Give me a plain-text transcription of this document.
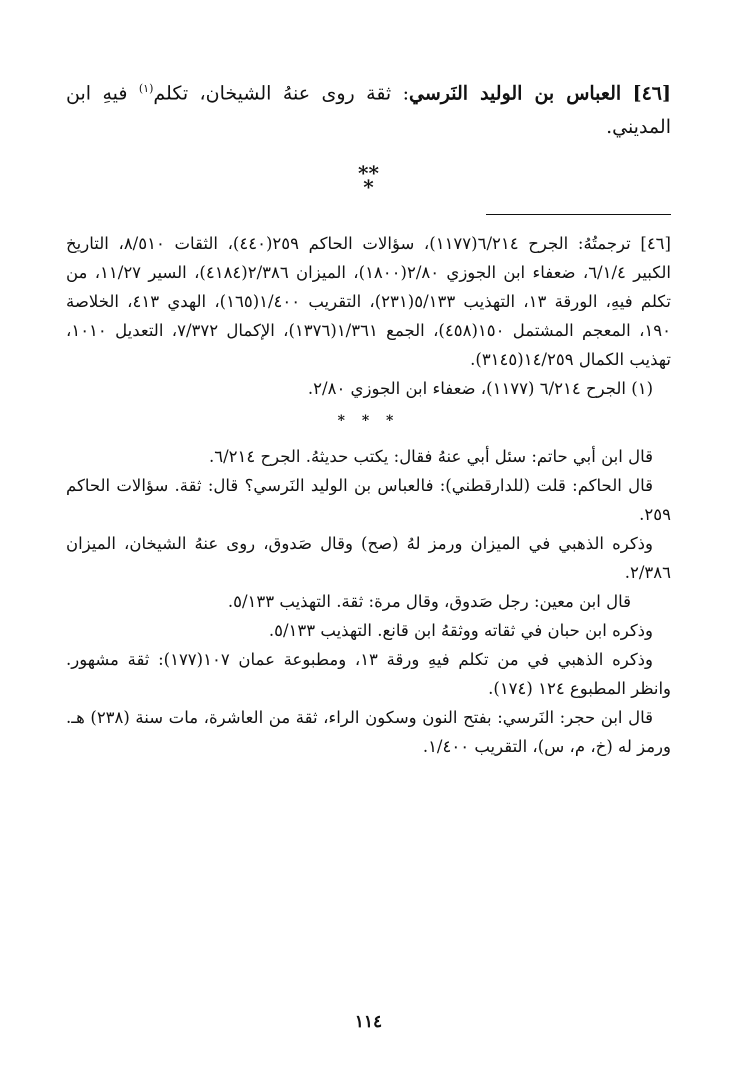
[٤٦] العباس بن الوليد النَرسي: ثقة روى عنهُ الشيخان، تكلم$^{(١)}$ فيهِ ابن المديني.

***

[٤٦] ترجمتُهُ: الجرح ٦/٢١٤(١١٧٧)، سؤالات الحاكم ٢٥٩(٤٤٠)، الثقات ٨/٥١٠، التاريخ الكبير ٦/١/٤، ضعفاء ابن الجوزي ٢/٨٠(١٨٠٠)، الميزان ٢/٣٨٦(٤١٨٤)، السير ١١/٢٧، من تكلم فيهِ، الورقة ١٣، التهذيب ٥/١٣٣(٢٣١)، التقريب ١/٤٠٠(١٦٥)، الهدي ٤١٣، الخلاصة ١٩٠، المعجم المشتمل ١٥٠(٤٥٨)، الجمع ١/٣٦١(١٣٧٦)، الإكمال ٧/٣٧٢، التعديل ١٠١٠، تهذيب الكمال ١٤/٢٥٩(٣١٤٥).

(١) الجرح ٦/٢١٤ (١١٧٧)، ضعفاء ابن الجوزي ٢/٨٠.

* * *

قال ابن أبي حاتم: سئل أبي عنهُ فقال: يكتب حديثهُ. الجرح ٦/٢١٤.

قال الحاكم: قلت (للدارقطني): فالعباس بن الوليد النَرسي؟ قال: ثقة. سؤالات الحاكم ٢٥٩.

وذكره الذهبي في الميزان ورمز لهُ (صح) وقال صَدوق، روى عنهُ الشيخان، الميزان ٢/٣٨٦.

قال ابن معين: رجل صَدوق، وقال مرة: ثقة. التهذيب ٥/١٣٣.

وذكره ابن حبان في ثقاته ووثقهُ ابن قانع. التهذيب ٥/١٣٣.

وذكره الذهبي في من تكلم فيهِ ورقة ١٣، ومطبوعة عمان ١٠٧(١٧٧): ثقة مشهور. وانظر المطبوع ١٢٤ (١٧٤).

قال ابن حجر: النَرسي: بفتح النون وسكون الراء، ثقة من العاشرة، مات سنة (٢٣٨) هـ. ورمز له (خ، م، س)، التقريب ١/٤٠٠.

١١٤
